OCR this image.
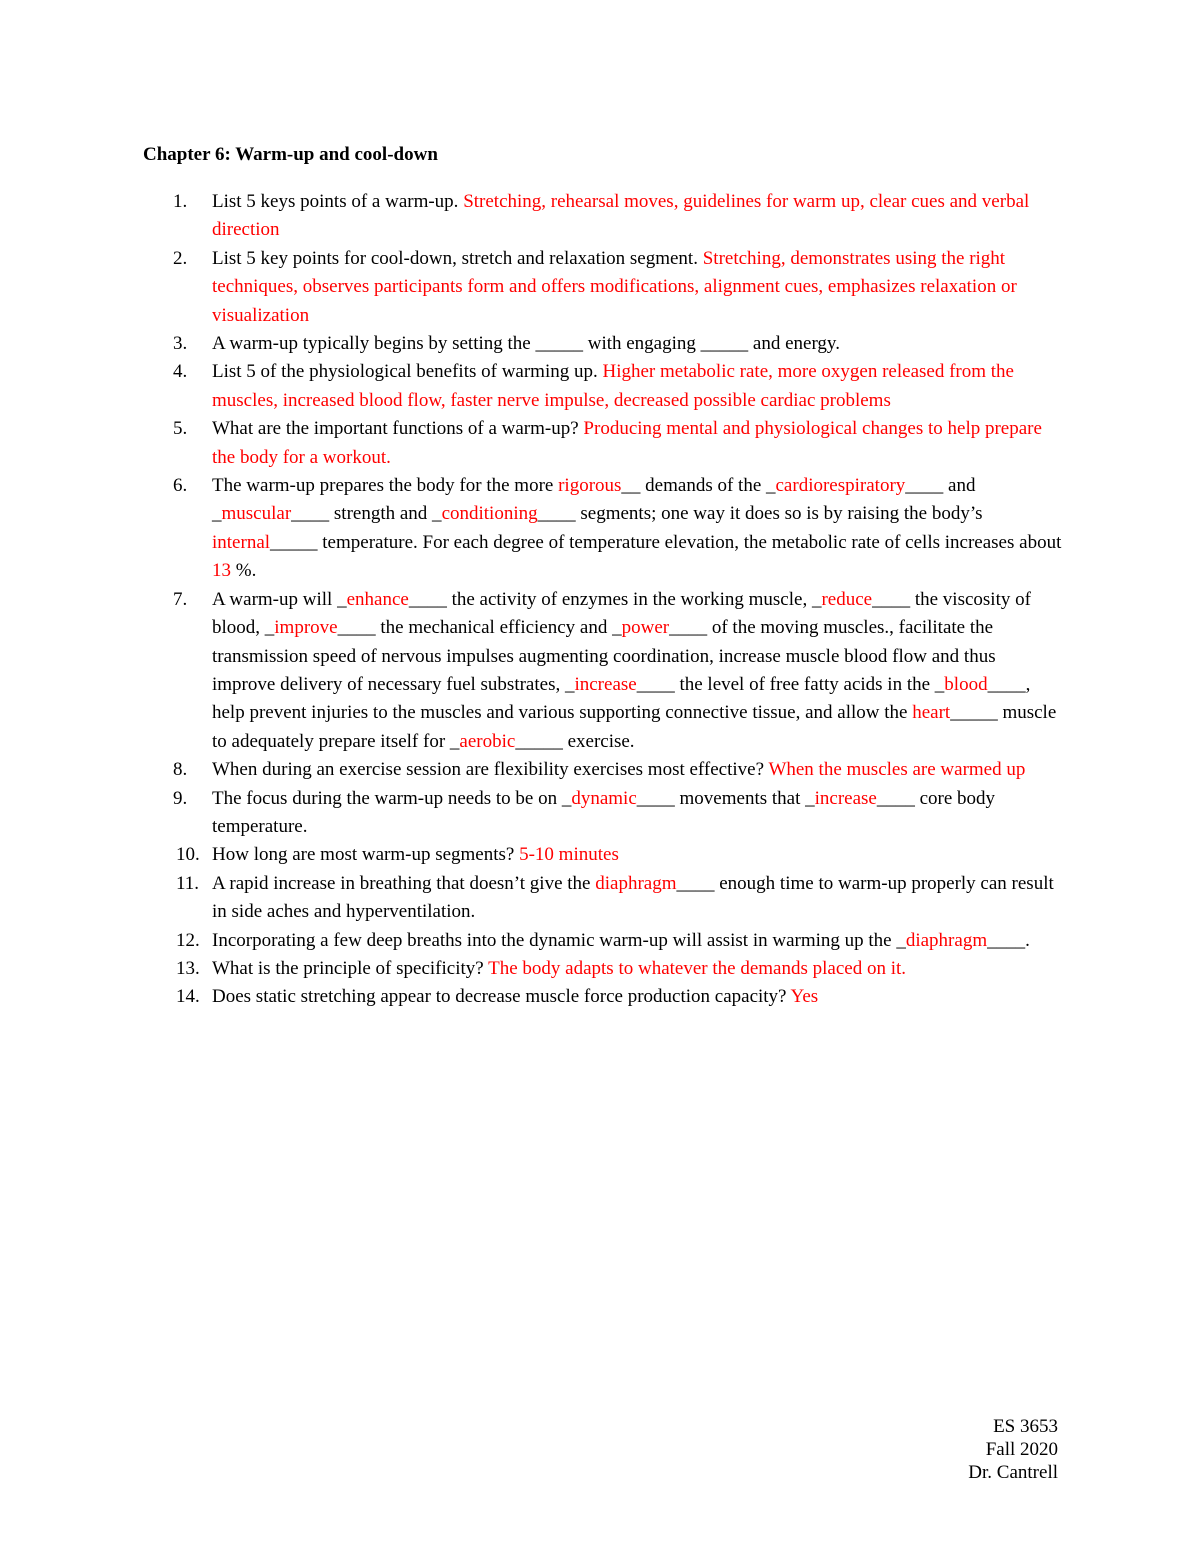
Chapter 6: Warm-up and cool-down
1.	List 5 keys points of a warm-up. Stretching, rehearsal moves, guidelines for warm up, clear cues and verbal direction
2.	List 5 key points for cool-down, stretch and relaxation segment. Stretching, demonstrates using the right techniques, observes participants form and offers modifications, alignment cues, emphasizes relaxation or visualization
3.	A warm-up typically begins by setting the _____ with engaging _____ and energy.
4.	List 5 of the physiological benefits of warming up. Higher metabolic rate, more oxygen released from the muscles, increased blood flow, faster nerve impulse, decreased possible cardiac problems
5.	What are the important functions of a warm-up? Producing mental and physiological changes to help prepare the body for a workout.
6.	The warm-up prepares the body for the more rigorous__ demands of the _cardiorespiratory____ and _muscular____ strength and _conditioning____ segments; one way it does so is by raising the body’s internal_____ temperature. For each degree of temperature elevation, the metabolic rate of cells increases about 13 %.
7.	A warm-up will _enhance____ the activity of enzymes in the working muscle, _reduce____ the viscosity of blood, _improve____ the mechanical efficiency and _power____ of the moving muscles., facilitate the transmission speed of nervous impulses augmenting coordination, increase muscle blood flow and thus improve delivery of necessary fuel substrates, _increase____ the level of free fatty acids in the _blood____, help prevent injuries to the muscles and various supporting connective tissue, and allow the heart_____ muscle to adequately prepare itself for _aerobic_____ exercise.
8.	When during an exercise session are flexibility exercises most effective? When the muscles are warmed up
9.	The focus during the warm-up needs to be on _dynamic____ movements that _increase____ core body temperature.
10. How long are most warm-up segments? 5-10 minutes
11. A rapid increase in breathing that doesn’t give the diaphragm____ enough time to warm-up properly can result in side aches and hyperventilation.
12. Incorporating a few deep breaths into the dynamic warm-up will assist in warming up the _diaphragm____.
13. What is the principle of specificity? The body adapts to whatever the demands placed on it.
14. Does static stretching appear to decrease muscle force production capacity? Yes
ES 3653
Fall 2020
Dr. Cantrell
